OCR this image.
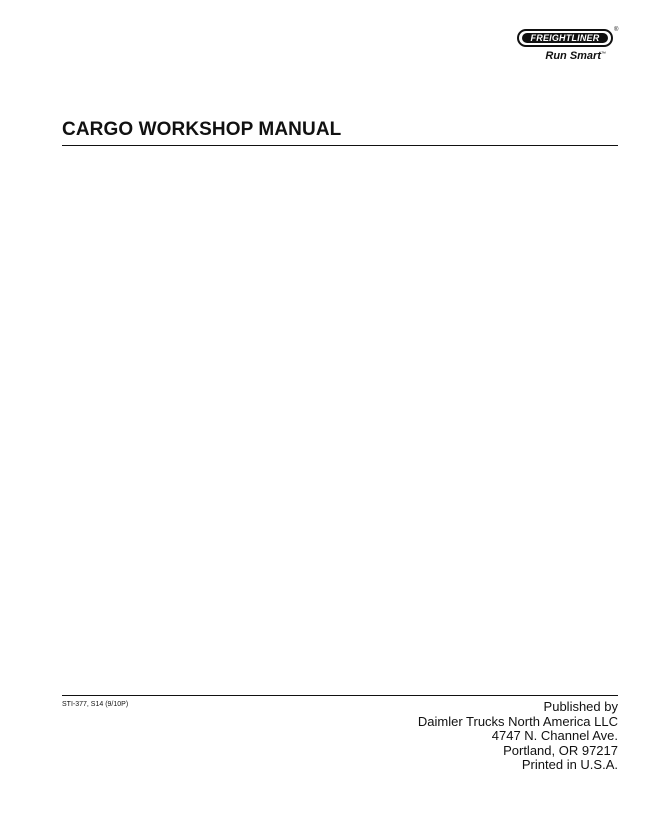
FREIGHTLINER
®
Run Smart ™
CARGO WORKSHOP MANUAL
STI-377, S14 (9/10P)	Published by
Daimler Trucks North America LLC
4747 N. Channel Ave.
Portland, OR 97217
Printed in U.S.A.
